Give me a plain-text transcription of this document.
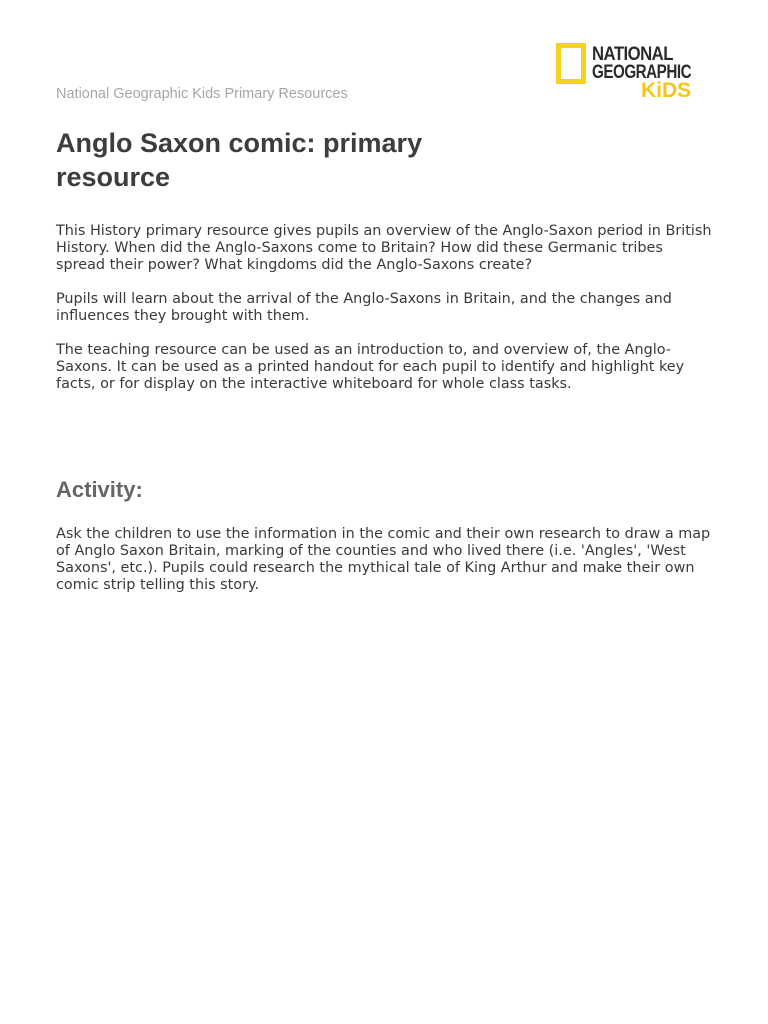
National Geographic Kids Primary Resources
NATIONAL
GEOGRAPHIC
KiDS
Anglo Saxon comic: primary resource

This History primary resource gives pupils an overview of the Anglo-Saxon period in British History. When did the Anglo-Saxons come to Britain? How did these Germanic tribes spread their power? What kingdoms did the Anglo-Saxons create?

Pupils will learn about the arrival of the Anglo-Saxons in Britain, and the changes and influences they brought with them.

The teaching resource can be used as an introduction to, and overview of, the Anglo-Saxons. It can be used as a printed handout for each pupil to identify and highlight key facts, or for display on the interactive whiteboard for whole class tasks.

Activity:

Ask the children to use the information in the comic and their own research to draw a map of Anglo Saxon Britain, marking of the counties and who lived there (i.e. 'Angles', 'West Saxons', etc.). Pupils could research the mythical tale of King Arthur and make their own comic strip telling this story.
